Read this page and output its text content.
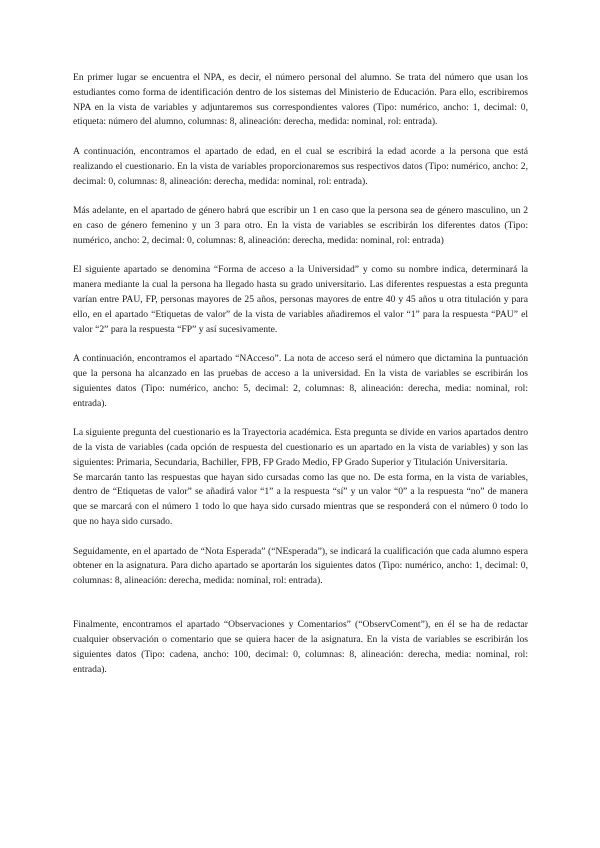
En primer lugar se encuentra el NPA, es decir, el número personal del alumno. Se trata del número que usan los estudiantes como forma de identificación dentro de los sistemas del Ministerio de Educación. Para ello, escribiremos NPA en la vista de variables y adjuntaremos sus correspondientes valores (Tipo: numérico, ancho: 1, decimal: 0, etiqueta: número del alumno, columnas: 8, alineación: derecha, medida: nominal, rol: entrada).

A continuación, encontramos el apartado de edad, en el cual se escribirá la edad acorde a la persona que está realizando el cuestionario. En la vista de variables proporcionaremos sus respectivos datos (Tipo: numérico, ancho: 2, decimal: 0, columnas: 8, alineación: derecha, medida: nominal, rol: entrada).

Más adelante, en el apartado de género habrá que escribir un 1 en caso que la persona sea de género masculino, un 2 en caso de género femenino y un 3 para otro. En la vista de variables se escribirán los diferentes datos (Tipo: numérico, ancho: 2, decimal: 0, columnas: 8, alineación: derecha, medida: nominal, rol: entrada)

El siguiente apartado se denomina “Forma de acceso a la Universidad” y como su nombre indica, determinará la manera mediante la cual la persona ha llegado hasta su grado universitario. Las diferentes respuestas a esta pregunta varían entre PAU, FP, personas mayores de 25 años, personas mayores de entre 40 y 45 años u otra titulación y para ello, en el apartado “Etiquetas de valor” de la vista de variables añadiremos el valor “1” para la respuesta “PAU” el valor “2” para la respuesta “FP” y así sucesivamente.

A continuación, encontramos el apartado “NAcceso”. La nota de acceso será el número que dictamina la puntuación que la persona ha alcanzado en las pruebas de acceso a la universidad. En la vista de variables se escribirán los siguientes datos (Tipo: numérico, ancho: 5, decimal: 2, columnas: 8, alineación: derecha, media: nominal, rol: entrada).

La siguiente pregunta del cuestionario es la Trayectoria académica. Esta pregunta se divide en varios apartados dentro de la vista de variables (cada opción de respuesta del cuestionario es un apartado en la vista de variables) y son las siguientes: Primaria, Secundaria, Bachiller, FPB, FP Grado Medio, FP Grado Superior y Titulación Universitaria.

Se marcarán tanto las respuestas que hayan sido cursadas como las que no. De esta forma, en la vista de variables, dentro de “Etiquetas de valor” se añadirá valor “1” a la respuesta “sí” y un valor “0” a la respuesta “no” de manera que se marcará con el número 1 todo lo que haya sido cursado mientras que se responderá con el número 0 todo lo que no haya sido cursado.

Seguidamente, en el apartado de “Nota Esperada” (“NEsperada”), se indicará la cualificación que cada alumno espera obtener en la asignatura. Para dicho apartado se aportarán los siguientes datos (Tipo: numérico, ancho: 1, decimal: 0, columnas: 8, alineación: derecha, medida: nominal, rol: entrada).

Finalmente, encontramos el apartado “Observaciones y Comentarios” (“ObservComent”), en él se ha de redactar cualquier observación o comentario que se quiera hacer de la asignatura. En la vista de variables se escribirán los siguientes datos (Tipo: cadena, ancho: 100, decimal: 0, columnas: 8, alineación: derecha, media: nominal, rol: entrada).
